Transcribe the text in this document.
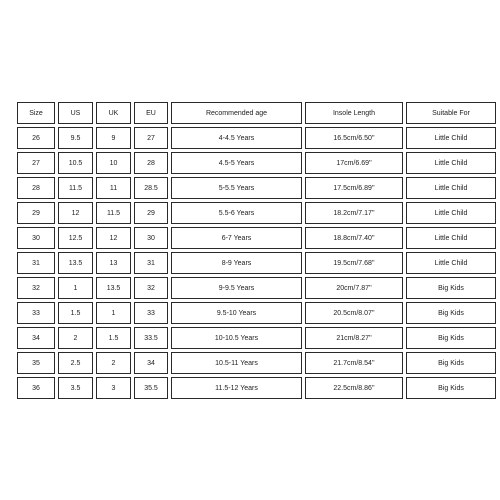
Size	US	UK	EU	Recommended age	Insole Length	Suitable For
26	9.5	9	27	4-4.5 Years	16.5cm/6.50''	Little Child
27	10.5	10	28	4.5-5 Years	17cm/6.69''	Little Child
28	11.5	11	28.5	5-5.5 Years	17.5cm/6.89''	Little Child
29	12	11.5	29	5.5-6 Years	18.2cm/7.17''	Little Child
30	12.5	12	30	6-7 Years	18.8cm/7.40''	Little Child
31	13.5	13	31	8-9 Years	19.5cm/7.68''	Little Child
32	1	13.5	32	9-9.5 Years	20cm/7.87''	Big Kids
33	1.5	1	33	9.5-10 Years	20.5cm/8.07''	Big Kids
34	2	1.5	33.5	10-10.5 Years	21cm/8.27''	Big Kids
35	2.5	2	34	10.5-11 Years	21.7cm/8.54''	Big Kids
36	3.5	3	35.5	11.5-12 Years	22.5cm/8.86''	Big Kids
